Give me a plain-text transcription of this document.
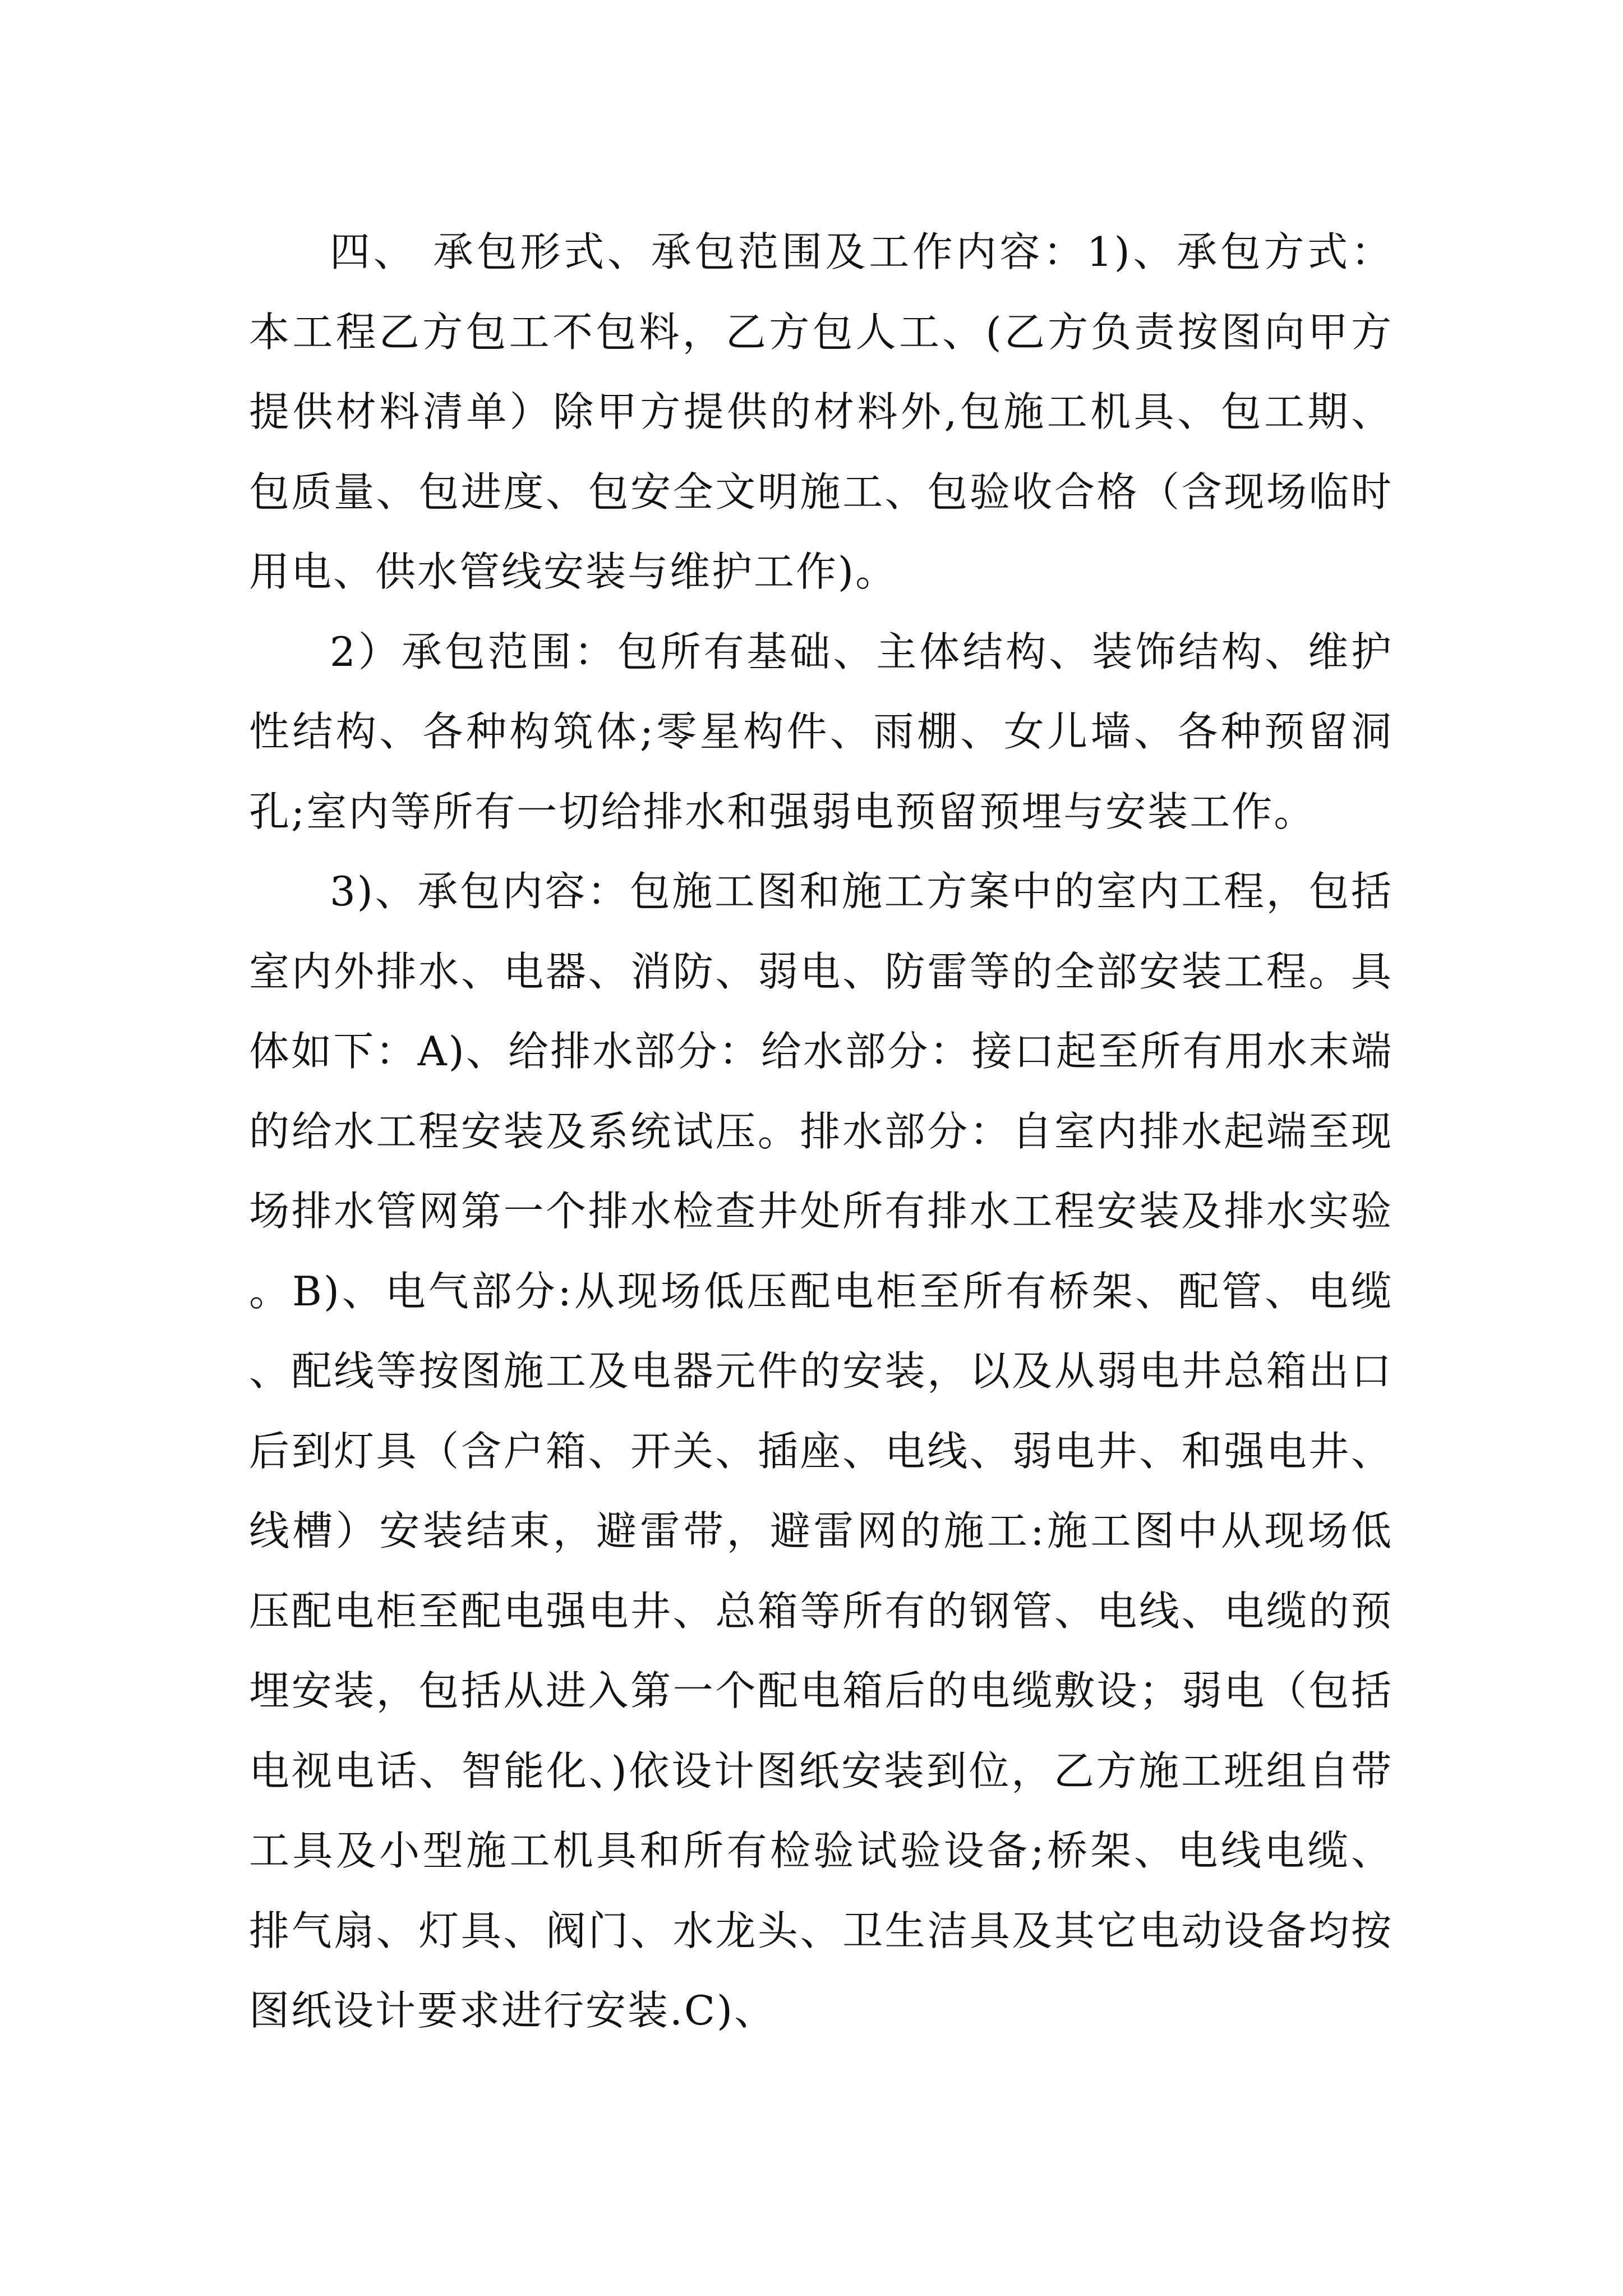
四、 承包形式、承包范围及工作内容：1)、承包方式：本工程乙方包工不包料，乙方包人工、(乙方负责按图向甲方提供材料清单）除甲方提供的材料外,包施工机具、包工期、包质量、包进度、包安全文明施工、包验收合格（含现场临时用电、供水管线安装与维护工作)。

2）承包范围：包所有基础、主体结构、装饰结构、维护性结构、各种构筑体;零星构件、雨棚、女儿墙、各种预留洞孔;室内等所有一切给排水和强弱电预留预埋与安装工作。

3)、承包内容：包施工图和施工方案中的室内工程，包括室内外排水、电器、消防、弱电、防雷等的全部安装工程。具体如下：A)、给排水部分：给水部分：接口起至所有用水末端的给水工程安装及系统试压。排水部分：自室内排水起端至现场排水管网第一个排水检查井处所有排水工程安装及排水实验。B)、电气部分:从现场低压配电柜至所有桥架、配管、电缆、配线等按图施工及电器元件的安装，以及从弱电井总箱出口后到灯具（含户箱、开关、插座、电线、弱电井、和强电井、线槽）安装结束，避雷带，避雷网的施工:施工图中从现场低压配电柜至配电强电井、总箱等所有的钢管、电线、电缆的预埋安装，包括从进入第一个配电箱后的电缆敷设；弱电（包括电视电话、智能化、)依设计图纸安装到位，乙方施工班组自带工具及小型施工机具和所有检验试验设备;桥架、电线电缆、排气扇、灯具、阀门、水龙头、卫生洁具及其它电动设备均按图纸设计要求进行安装.C)、
